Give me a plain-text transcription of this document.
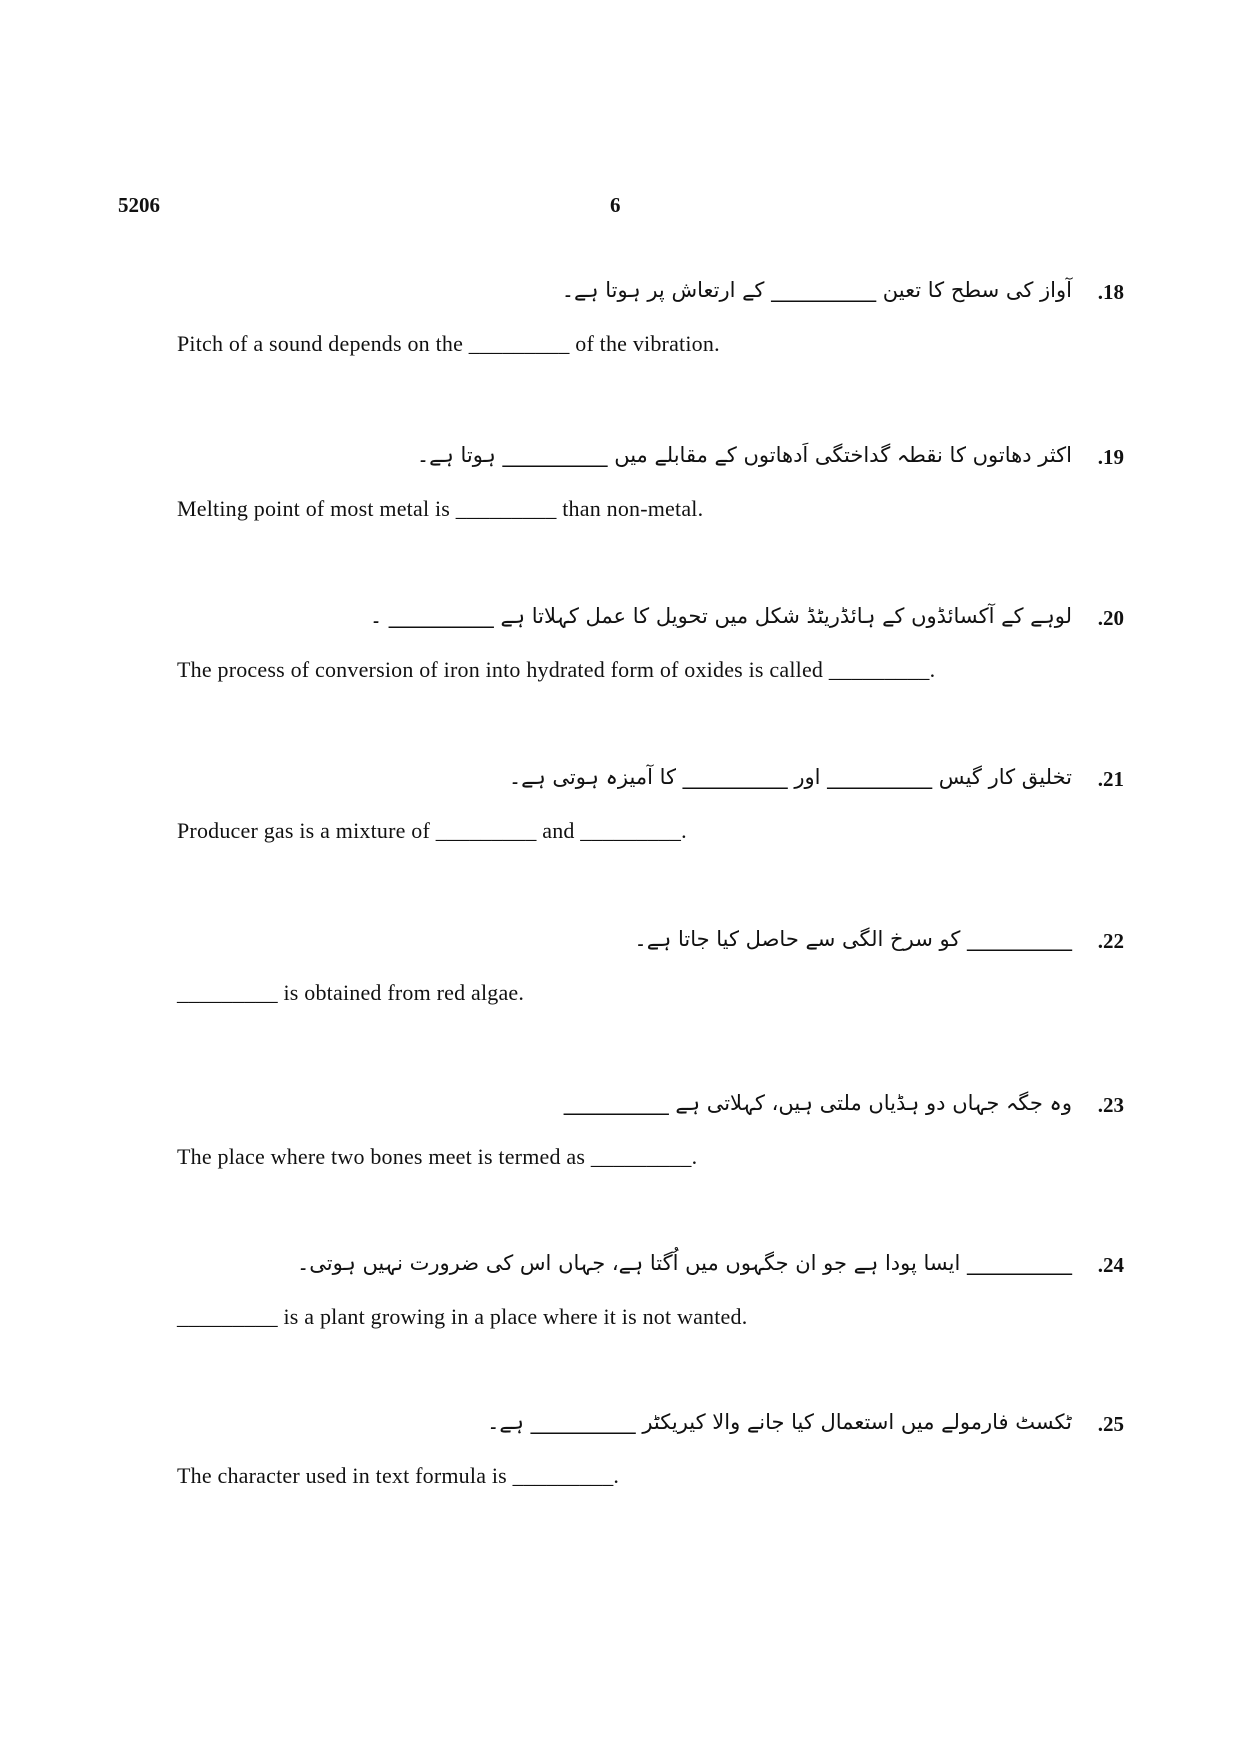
5206	6
.18
آواز کی سطح کا تعین __________ کے ارتعاش پر ہوتا ہے۔
Pitch of a sound depends on the _________ of the vibration.
.19
اکثر دھاتوں کا نقطہ گداختگی اَدھاتوں کے مقابلے میں __________ ہوتا ہے۔
Melting point of most metal is _________ than non-metal.
.20
لوہے کے آکسائڈوں کے ہائڈریٹڈ شکل میں تحویل کا عمل کہلاتا ہے __________ ۔
The process of conversion of iron into hydrated form of oxides is called _________.
.21
تخلیق کار گیس __________ اور __________ کا آمیزہ ہوتی ہے۔
Producer gas is a mixture of _________ and _________.
.22
__________ کو سرخ الگی سے حاصل کیا جاتا ہے۔
_________ is obtained from red algae.
.23
وہ جگہ جہاں دو ہڈیاں ملتی ہیں، کہلاتی ہے __________
The place where two bones meet is termed as _________.
.24
__________ ایسا پودا ہے جو ان جگہوں میں اُگتا ہے، جہاں اس کی ضرورت نہیں ہوتی۔
_________ is a plant growing in a place where it is not wanted.
.25
ٹکسٹ فارمولے میں استعمال کیا جانے والا کیریکٹر __________ ہے۔
The character used in text formula is _________.
